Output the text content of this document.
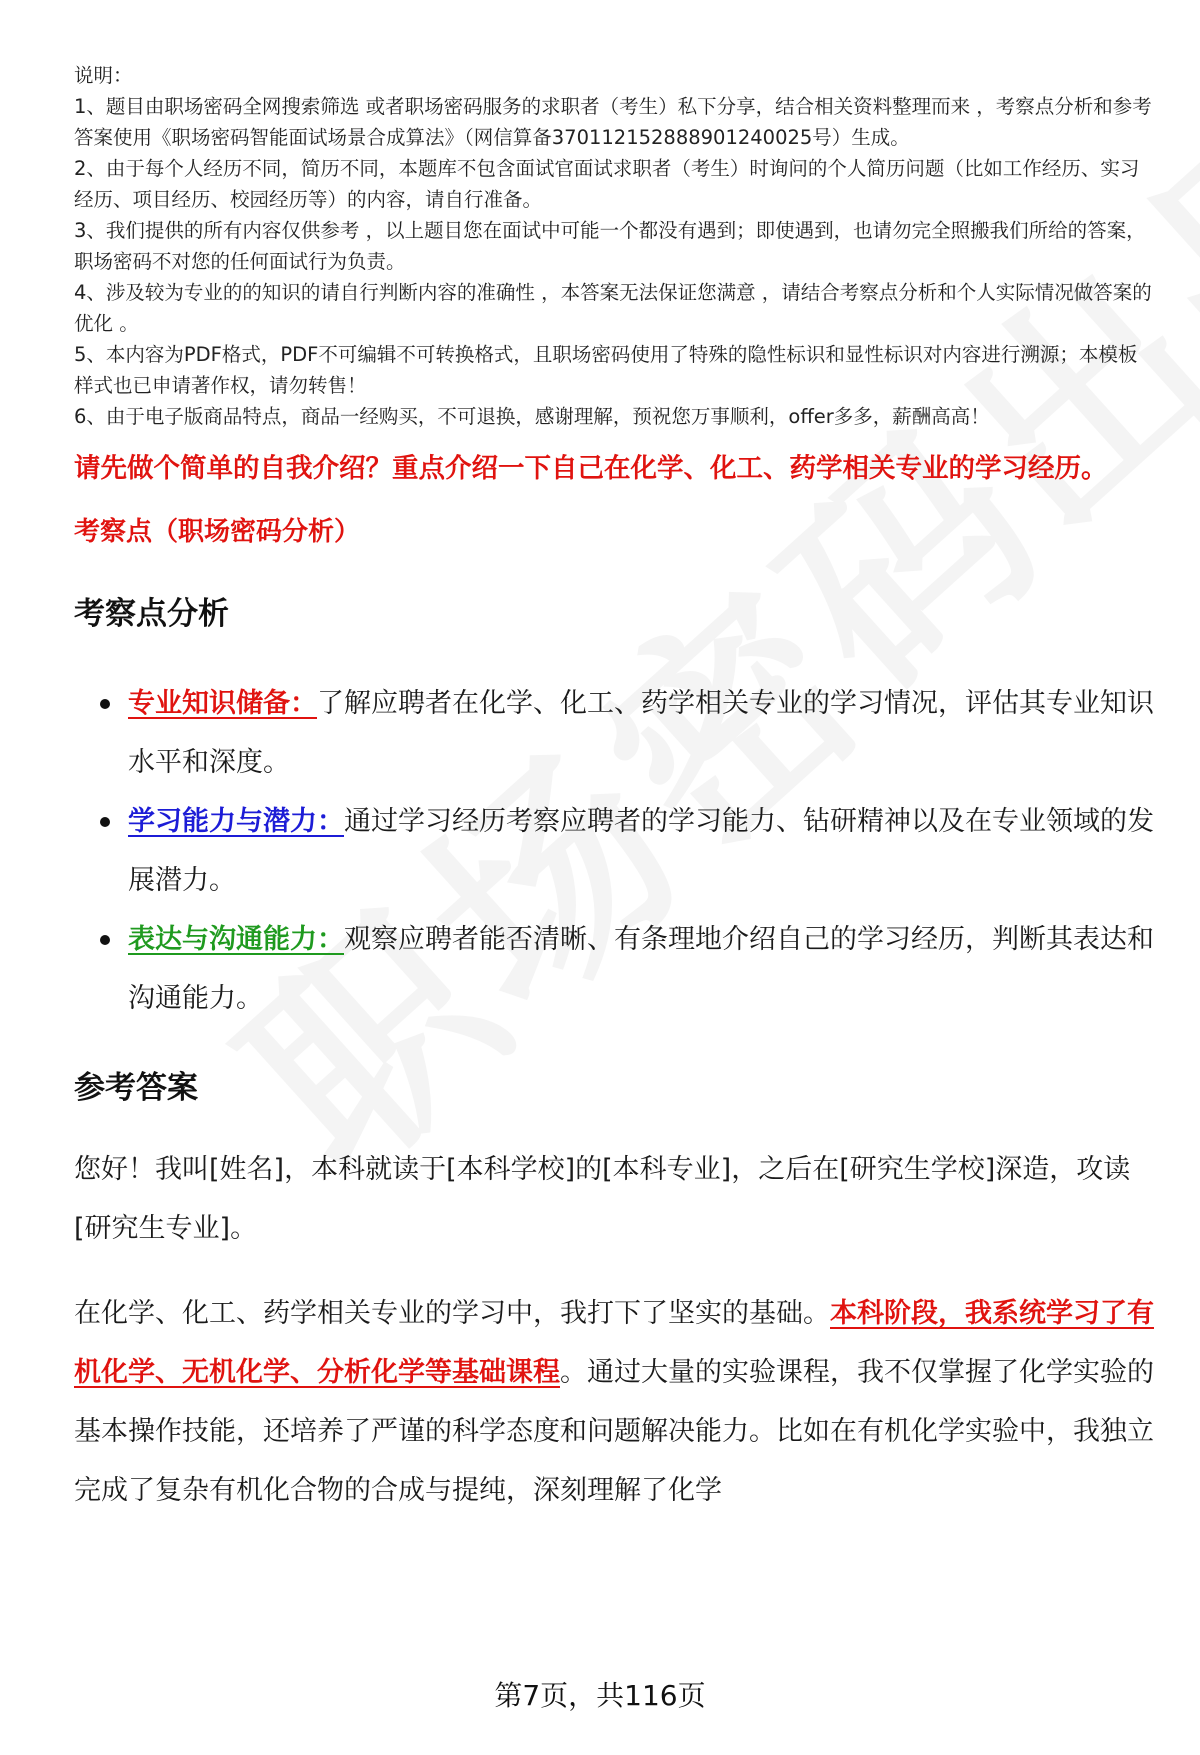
说明：

1、题目由职场密码全网搜索筛选 或者职场密码服务的求职者（考生）私下分享，结合相关资料整理而来 ，考察点分析和参考答案使用《职场密码智能面试场景合成算法》（网信算备370112152888901240025号）生成。

2、由于每个人经历不同，简历不同，本题库不包含面试官面试求职者（考生）时询问的个人简历问题（比如工作经历、实习经历、项目经历、校园经历等）的内容，请自行准备。

3、我们提供的所有内容仅供参考 ，以上题目您在面试中可能一个都没有遇到；即使遇到，也请勿完全照搬我们所给的答案，职场密码不对您的任何面试行为负责。

4、涉及较为专业的的知识的请自行判断内容的准确性 ，本答案无法保证您满意 ，请结合考察点分析和个人实际情况做答案的优化 。

5、本内容为PDF格式，PDF不可编辑不可转换格式，且职场密码使用了特殊的隐性标识和显性标识对内容进行溯源；本模板样式也已申请著作权，请勿转售！

6、由于电子版商品特点，商品一经购买，不可退换，感谢理解，预祝您万事顺利，offer多多，薪酬高高！

请先做个简单的自我介绍？重点介绍一下自己在化学、化工、药学相关专业的学习经历。
考察点（职场密码分析）
考察点分析
专业知识储备：了解应聘者在化学、化工、药学相关专业的学习情况，评估其专业知识水平和深度。
学习能力与潜力：通过学习经历考察应聘者的学习能力、钻研精神以及在专业领域的发展潜力。
表达与沟通能力：观察应聘者能否清晰、有条理地介绍自己的学习经历，判断其表达和沟通能力。
参考答案

您好！我叫[姓名]，本科就读于[本科学校]的[本科专业]，之后在[研究生学校]深造，攻读[研究生专业]。

在化学、化工、药学相关专业的学习中，我打下了坚实的基础。本科阶段，我系统学习了有机化学、无机化学、分析化学等基础课程。通过大量的实验课程，我不仅掌握了化学实验的基本操作技能，还培养了严谨的科学态度和问题解决能力。比如在有机化学实验中，我独立完成了复杂有机化合物的合成与提纯，深刻理解了化学

第7页，共116页
